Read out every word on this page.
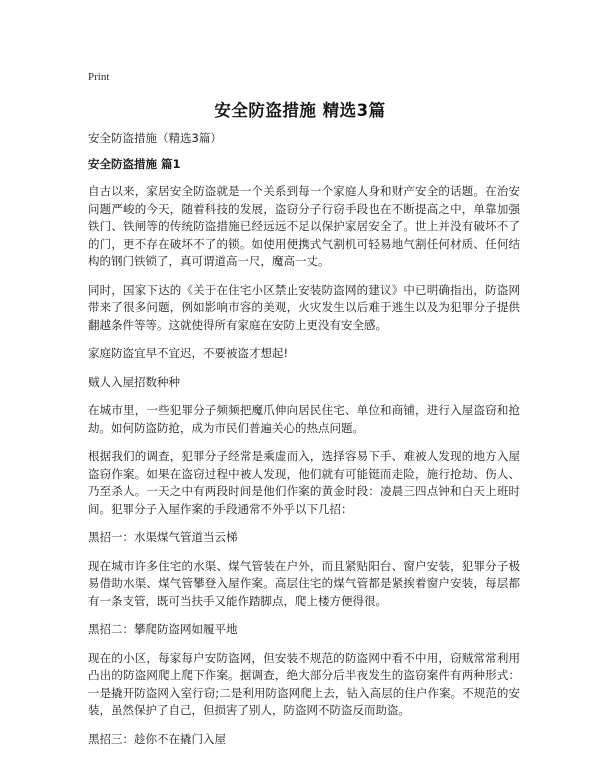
Print
安全防盗措施 精选3篇
安全防盗措施（精选3篇）
安全防盗措施 篇1

自古以来，家居安全防盗就是一个关系到每一个家庭人身和财产安全的话题。在治安问题严峻的今天，随着科技的发展，盗窃分子行窃手段也在不断提高之中，单靠加强铁门、铁闸等的传统防盗措施已经远远不足以保护家居安全了。世上并没有破坏不了的门，更不存在破坏不了的锁。如使用便携式气割机可轻易地气割任何材质、任何结构的钢门铁锁了，真可谓道高一尺，魔高一丈。

同时，国家下达的《关于在住宅小区禁止安装防盗网的建议》中已明确指出，防盗网带来了很多问题，例如影响市容的美观，火灾发生以后难于逃生以及为犯罪分子提供翻越条件等等。这就使得所有家庭在安防上更没有安全感。

家庭防盗宜早不宜迟，不要被盗才想起!

贼人入屋招数种种

在城市里，一些犯罪分子频频把魔爪伸向居民住宅、单位和商铺，进行入屋盗窃和抢劫。如何防盗防抢，成为市民们普遍关心的热点问题。

根据我们的调查，犯罪分子经常是乘虚而入，选择容易下手、难被人发现的地方入屋盗窃作案。如果在盗窃过程中被人发现，他们就有可能铤而走险，施行抢劫、伤人、乃至杀人。一天之中有两段时间是他们作案的黄金时段：凌晨三四点钟和白天上班时间。犯罪分子入屋作案的手段通常不外乎以下几招：

黑招一：水渠煤气管道当云梯

现在城市许多住宅的水渠、煤气管装在户外，而且紧贴阳台、窗户安装，犯罪分子极易借助水渠、煤气管攀登入屋作案。高层住宅的煤气管都是紧挨着窗户安装，每层都有一条支管，既可当扶手又能作踏脚点，爬上楼方便得很。

黑招二：攀爬防盗网如履平地

现在的小区，每家每户安防盗网，但安装不规范的防盗网中看不中用，窃贼常常利用凸出的防盗网爬上爬下作案。据调查，绝大部分后半夜发生的盗窃案件有两种形式：一是撬开防盗网入室行窃;二是利用防盗网爬上去，钻入高层的住户作案。不规范的安装，虽然保护了自己，但损害了别人，防盗网不防盗反而助盗。

黑招三：趁你不在撬门入屋
